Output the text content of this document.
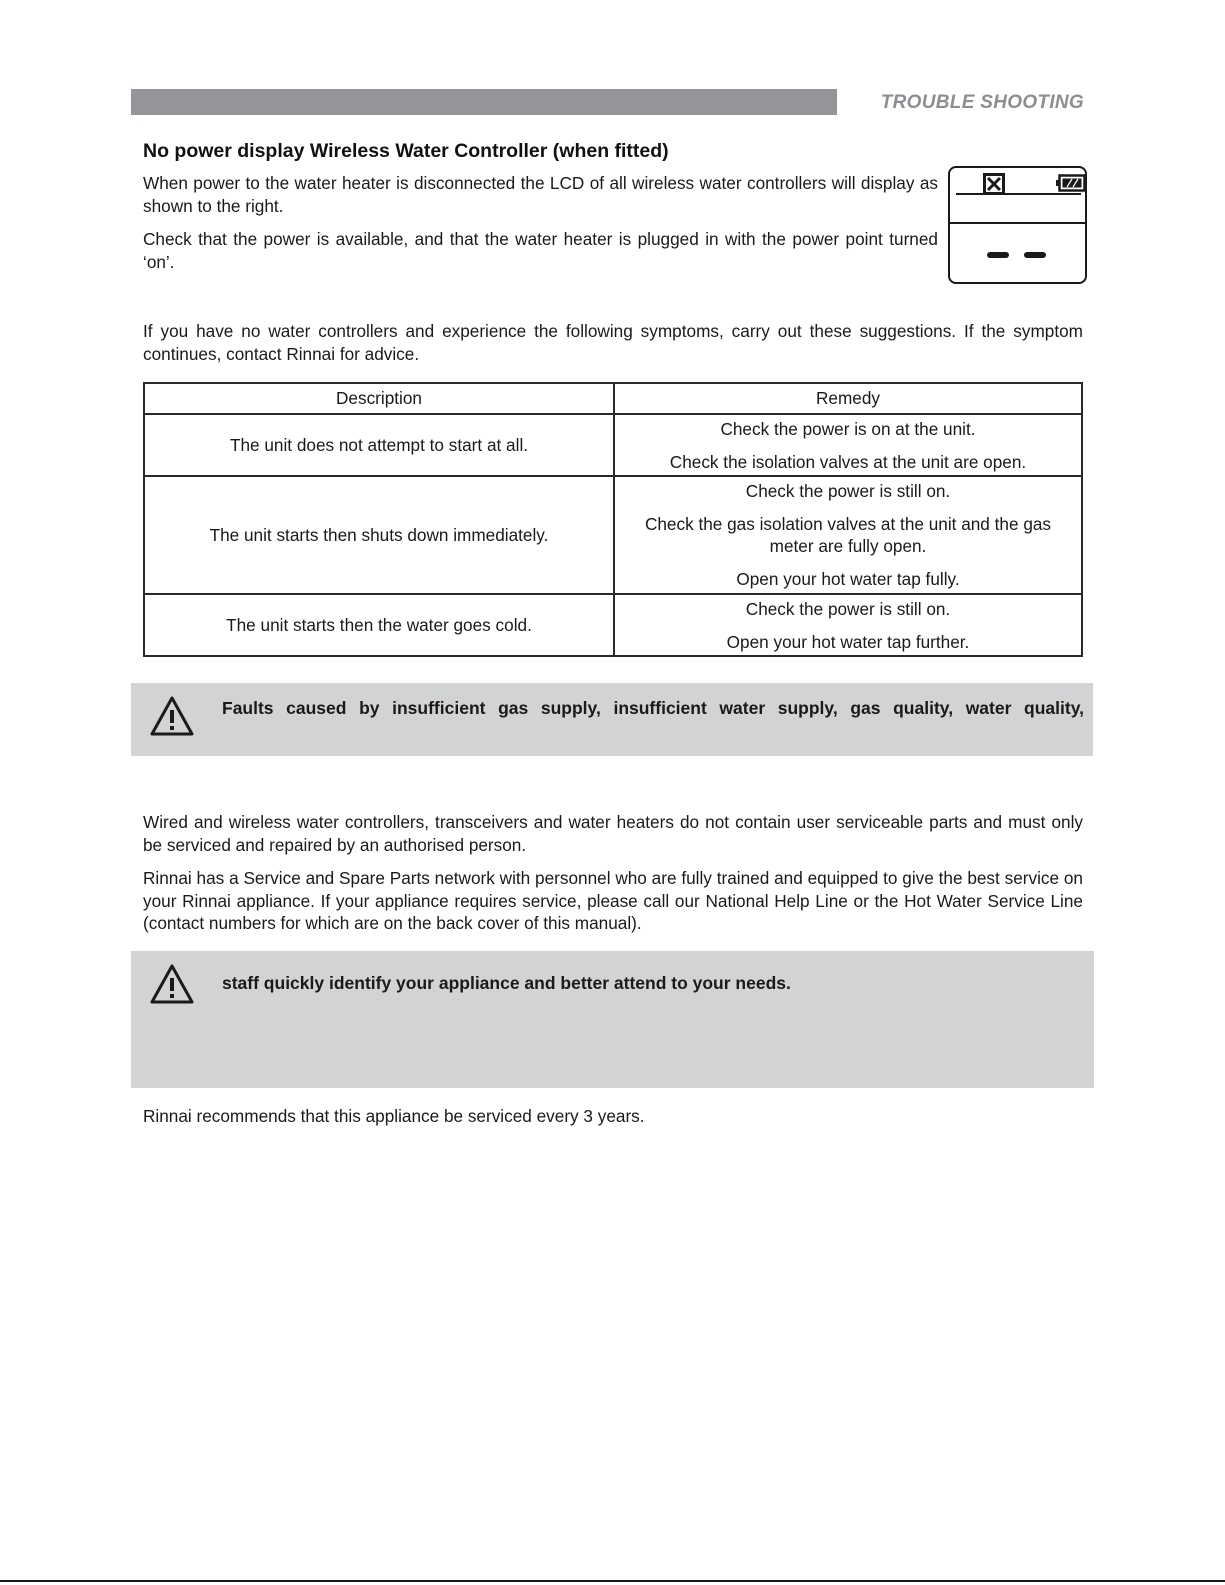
TROUBLE SHOOTING
No power display Wireless Water Controller (when fitted)
When power to the water heater is disconnected the LCD of all wireless water controllers will display as shown to the right.
Check that the power is available, and that the water heater is plugged in with the power point turned ‘on’.
If you have no water controllers and experience the following symptoms, carry out these suggestions. If the symptom continues, contact Rinnai for advice.
Description	Remedy
The unit does not attempt to start at all.	Check the power is on at the unit.
Check the isolation valves at the unit are open.

The unit starts then shuts down immediately.	Check the power is still on.
Check the gas isolation valves at the unit and the gas meter are fully open.
Open your hot water tap fully.

The unit starts then the water goes cold.	Check the power is still on.
Open your hot water tap further.
Faults caused by insufficient gas supply, insufficient water supply, gas quality, water quality,
Wired and wireless water controllers, transceivers and water heaters do not contain user serviceable parts and must only be serviced and repaired by an authorised person.
Rinnai has a Service and Spare Parts network with personnel who are fully trained and equipped to give the best service on your Rinnai appliance. If your appliance requires service, please call our National Help Line or the Hot Water Service Line (contact numbers for which are on the back cover of this manual).
staff quickly identify your appliance and better attend to your needs.
Rinnai recommends that this appliance be serviced every 3 years.
